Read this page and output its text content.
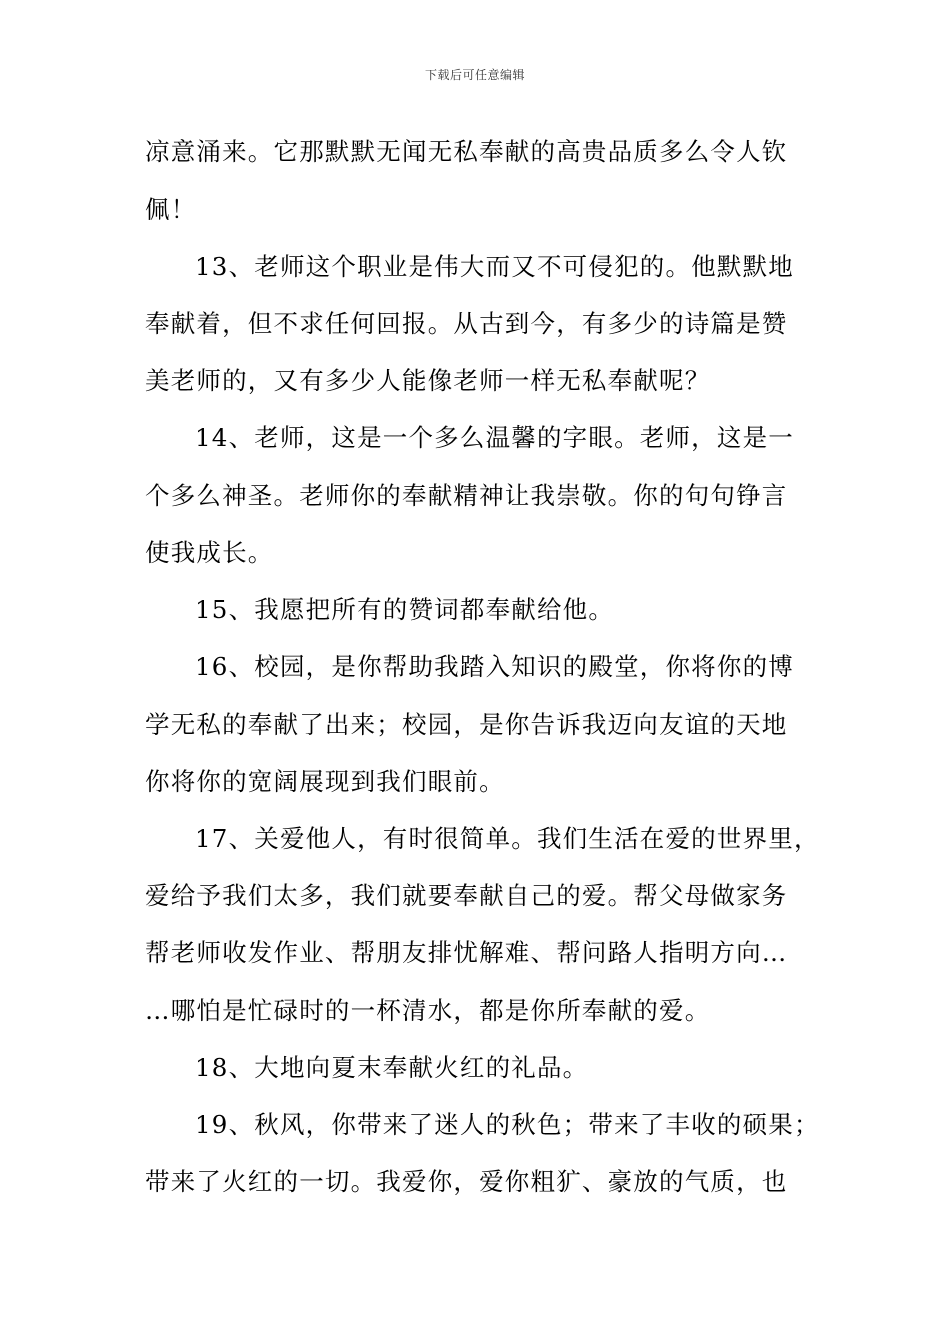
下载后可任意编辑
凉意涌来。它那默默无闻无私奉献的高贵品质多么令人钦
佩！
13、老师这个职业是伟大而又不可侵犯的。他默默地
奉献着，但不求任何回报。从古到今，有多少的诗篇是赞
美老师的，又有多少人能像老师一样无私奉献呢？
14、老师，这是一个多么温馨的字眼。老师，这是一
个多么神圣。老师你的奉献精神让我崇敬。你的句句铮言
使我成长。
15、我愿把所有的赞词都奉献给他。
16、校园，是你帮助我踏入知识的殿堂，你将你的博
学无私的奉献了出来；校园，是你告诉我迈向友谊的天地
你将你的宽阔展现到我们眼前。
17、关爱他人，有时很简单。我们生活在爱的世界里，
爱给予我们太多，我们就要奉献自己的爱。帮父母做家务
帮老师收发作业、帮朋友排忧解难、帮问路人指明方向…
…哪怕是忙碌时的一杯清水，都是你所奉献的爱。
18、大地向夏末奉献火红的礼品。
19、秋风，你带来了迷人的秋色；带来了丰收的硕果；
带来了火红的一切。我爱你，爱你粗犷、豪放的气质，也
